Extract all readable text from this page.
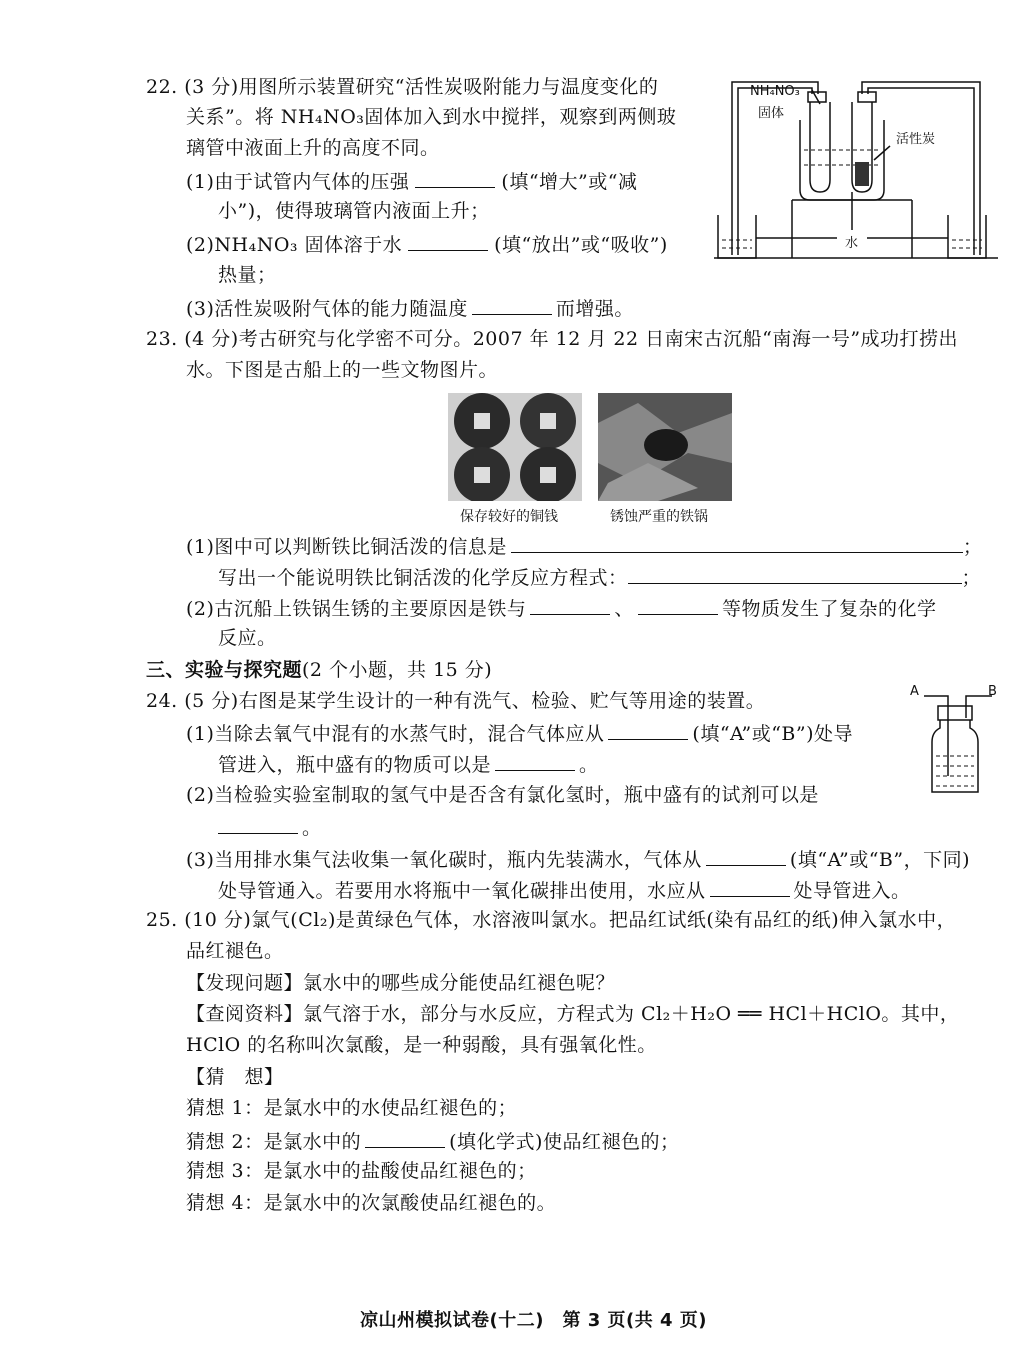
22. (3 分)用图所示装置研究“活性炭吸附能力与温度变化的
关系”。将 NH₄NO₃固体加入到水中搅拌，观察到两侧玻
璃管中液面上升的高度不同。
(1)由于试管内气体的压强	(填“增大”或“减
小”)，使得玻璃管内液面上升；
(2)NH₄NO₃ 固体溶于水	(填“放出”或“吸收”)
热量；
(3)活性炭吸附气体的能力随温度	而增强。
NH₄NO₃
固体
活性炭
水
23. (4 分)考古研究与化学密不可分。2007 年 12 月 22 日南宋古沉船“南海一号”成功打捞出
水。下图是古船上的一些文物图片。
保存较好的铜钱	锈蚀严重的铁锅
(1)图中可以判断铁比铜活泼的信息是	；
写出一个能说明铁比铜活泼的化学反应方程式：	；
(2)古沉船上铁锅生锈的主要原因是铁与	、	等物质发生了复杂的化学
反应。
三、实验与探究题(2 个小题，共 15 分)
24. (5 分)右图是某学生设计的一种有洗气、检验、贮气等用途的装置。
(1)当除去氧气中混有的水蒸气时，混合气体应从	(填“A”或“B”)处导
管进入，瓶中盛有的物质可以是	。
(2)当检验实验室制取的氢气中是否含有氯化氢时，瓶中盛有的试剂可以是
。
(3)当用排水集气法收集一氧化碳时，瓶内先装满水，气体从	(填“A”或“B”，下同)
处导管通入。若要用水将瓶中一氧化碳排出使用，水应从	处导管进入。
A	B
25. (10 分)氯气(Cl₂)是黄绿色气体，水溶液叫氯水。把品红试纸(染有品红的纸)伸入氯水中，
品红褪色。
【发现问题】氯水中的哪些成分能使品红褪色呢？
【查阅资料】氯气溶于水，部分与水反应，方程式为 Cl₂＋H₂O ══ HCl＋HClO。其中，
HClO 的名称叫次氯酸，是一种弱酸，具有强氧化性。
【猜　想】
猜想 1：是氯水中的水使品红褪色的；
猜想 2：是氯水中的	(填化学式)使品红褪色的；
猜想 3：是氯水中的盐酸使品红褪色的；
猜想 4：是氯水中的次氯酸使品红褪色的。
凉山州模拟试卷(十二)　第 3 页(共 4 页)
